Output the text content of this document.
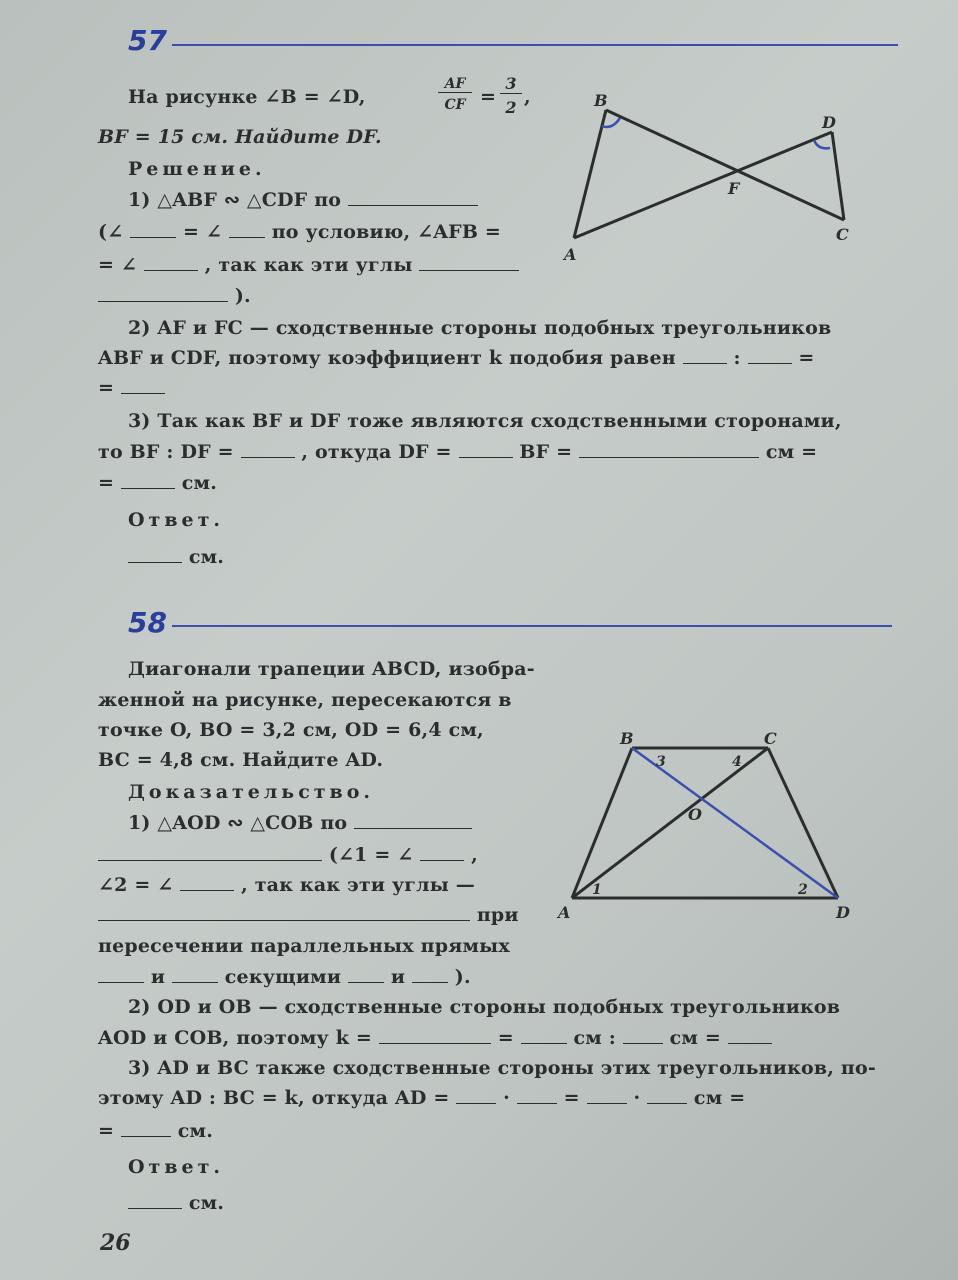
57
На рисунке ∠B = ∠D,	$\frac{AF}{CF} = \frac{3}{2}$ ,
BF = 15 см. Найдите DF.
Решение.
1) △ABF ∾ △CDF по
(∠	= ∠	по условию, ∠AFB =
= ∠	, так как эти углы
).
B
D
F
A
C
2) AF и FC — сходственные стороны подобных треугольников
ABF и CDF, поэтому коэффициент k подобия равен	:	=
=
3) Так как BF и DF тоже являются сходственными сторонами,
то BF : DF =	, откуда DF =	BF =	см =
=	см.
Ответ.
см.
58
Диагонали трапеции ABCD, изобра-
женной на рисунке, пересекаются в
точке O, BO = 3,2 см, OD = 6,4 см,
BC = 4,8 см. Найдите AD.
Доказательство.
1) △AOD ∾ △COB по
(∠1 = ∠	,
∠2 = ∠	, так как эти углы —
при
пересечении параллельных прямых
и	секущими	и	).
B	C
A	D
O
1	2
3	4
2) OD и OB — сходственные стороны подобных треугольников
AOD и COB, поэтому k =	=	см :	см =
3) AD и BC также сходственные стороны этих треугольников, по-
этому AD : BC = k, откуда AD =	·	=	·	см =
=	см.
Ответ.
см.
26
